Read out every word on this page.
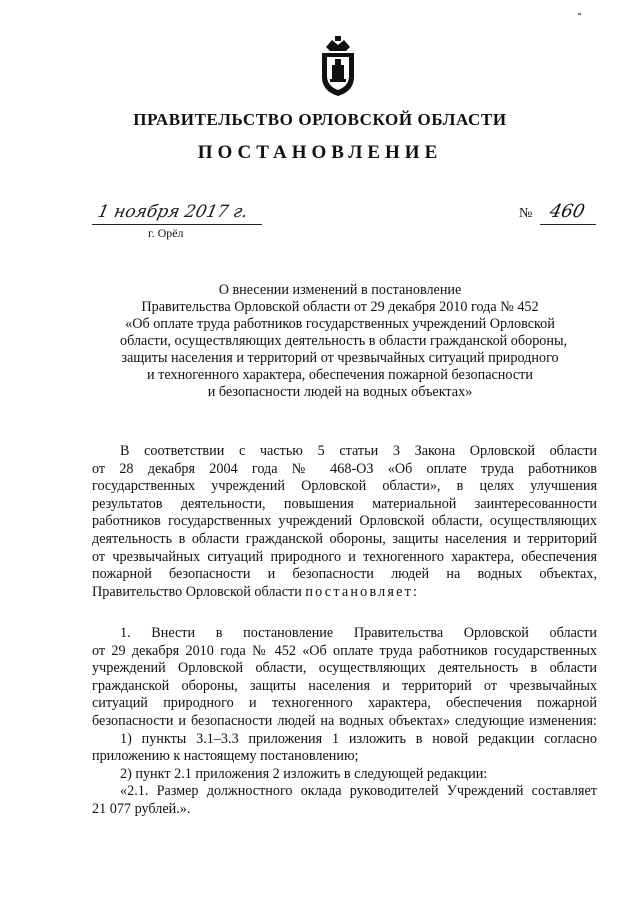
ПРАВИТЕЛЬСТВО ОРЛОВСКОЙ ОБЛАСТИ
ПОСТАНОВЛЕНИЕ
1 ноября 2017 г.
г. Орёл
№ 460
О внесении изменений в постановление
Правительства Орловской области от 29 декабря 2010 года № 452
«Об оплате труда работников государственных учреждений Орловской
области, осуществляющих деятельность в области гражданской обороны,
защиты населения и территорий от чрезвычайных ситуаций природного
и техногенного характера, обеспечения пожарной безопасности
и безопасности людей на водных объектах»
В соответствии с частью 5 статьи 3 Закона Орловской области
от 28 декабря 2004 года № 468-ОЗ «Об оплате труда работников
государственных учреждений Орловской области», в целях улучшения
результатов деятельности, повышения материальной заинтересованности
работников государственных учреждений Орловской области, осуществляющих
деятельность в области гражданской обороны, защиты населения и территорий
от чрезвычайных ситуаций природного и техногенного характера, обеспечения
пожарной безопасности и безопасности людей на водных объектах,
Правительство Орловской области постановляет:
1. Внести в постановление Правительства Орловской области
от 29 декабря 2010 года № 452 «Об оплате труда работников государственных
учреждений Орловской области, осуществляющих деятельность в области
гражданской обороны, защиты населения и территорий от чрезвычайных
ситуаций природного и техногенного характера, обеспечения пожарной
безопасности и безопасности людей на водных объектах» следующие изменения:
1) пункты 3.1–3.3 приложения 1 изложить в новой редакции согласно
приложению к настоящему постановлению;
2) пункт 2.1 приложения 2 изложить в следующей редакции:
«2.1. Размер должностного оклада руководителей Учреждений составляет
21 077 рублей.».
